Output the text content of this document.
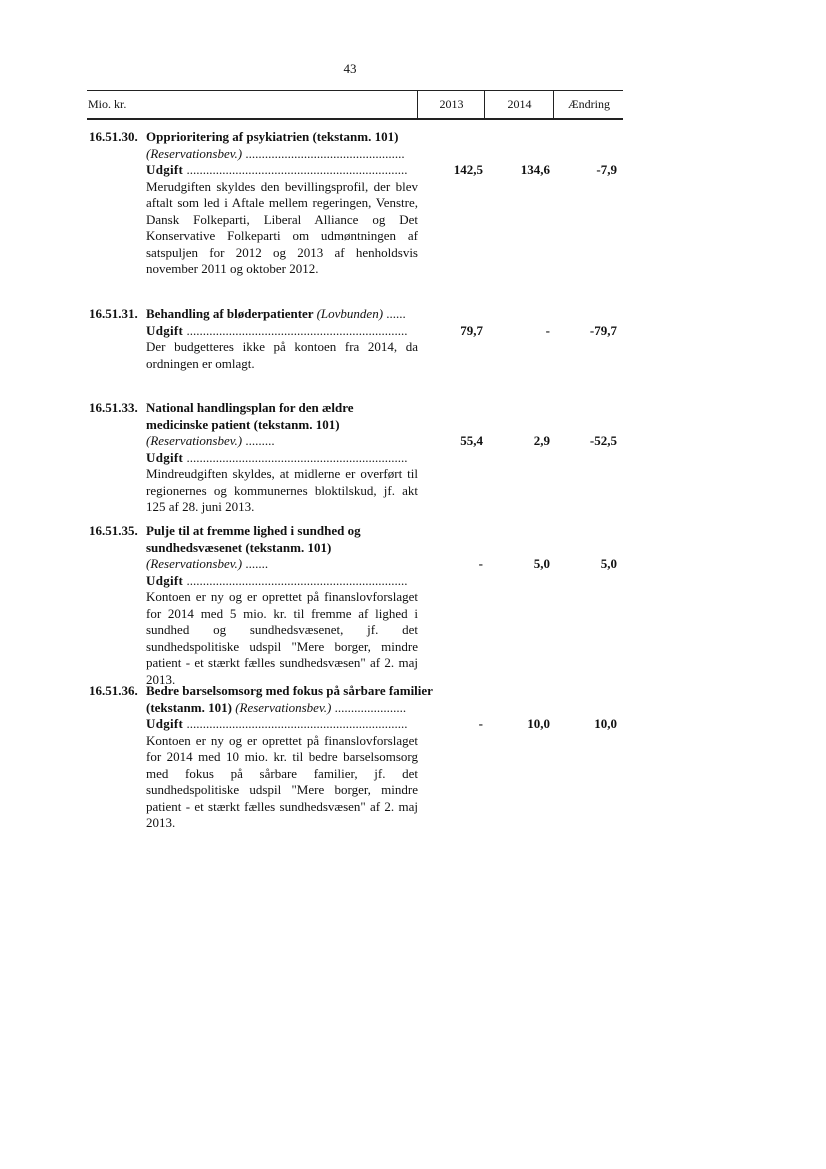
43
Mio. kr.	2013	2014	Ændring
16.51.30. Opprioritering af psykiatrien (tekstanm. 101)
(Reservationsbev.) .................................................
Udgift ....................................................................
Merudgiften skyldes den bevillingsprofil, der blev aftalt som led i Aftale mellem regeringen, Venstre, Dansk Folkeparti, Liberal Alliance og Det Konservative Folkeparti om udmøntningen af satspuljen for 2012 og 2013 af henholdsvis november 2011 og oktober 2012.
142,5	134,6	-7,9
16.51.31. Behandling af bløderpatienter (Lovbunden) ......
Udgift ....................................................................
Der budgetteres ikke på kontoen fra 2014, da ordningen er omlagt.
79,7	-	-79,7
16.51.33. National handlingsplan for den ældre medicinske patient (tekstanm. 101) (Reservationsbev.) .........
Udgift ....................................................................
Mindreudgiften skyldes, at midlerne er overført til regionernes og kommunernes bloktilskud, jf. akt 125 af 28. juni 2013.
55,4	2,9	-52,5
16.51.35. Pulje til at fremme lighed i sundhed og sundhedsvæsenet (tekstanm. 101) (Reservationsbev.) .......
Udgift ....................................................................
Kontoen er ny og er oprettet på finanslovforslaget for 2014 med 5 mio. kr. til fremme af lighed i sundhed og sundhedsvæsenet, jf. det sundhedspolitiske udspil "Mere borger, mindre patient - et stærkt fælles sundhedsvæsen" af 2. maj 2013.
-	5,0	5,0
16.51.36. Bedre barselsomsorg med fokus på sårbare familier (tekstanm. 101) (Reservationsbev.) ......................
Udgift ....................................................................
Kontoen er ny og er oprettet på finanslovforslaget for 2014 med 10 mio. kr. til bedre barselsomsorg med fokus på sårbare familier, jf. det sundhedspolitiske udspil "Mere borger, mindre patient - et stærkt fælles sundhedsvæsen" af 2. maj 2013.
-	10,0	10,0
